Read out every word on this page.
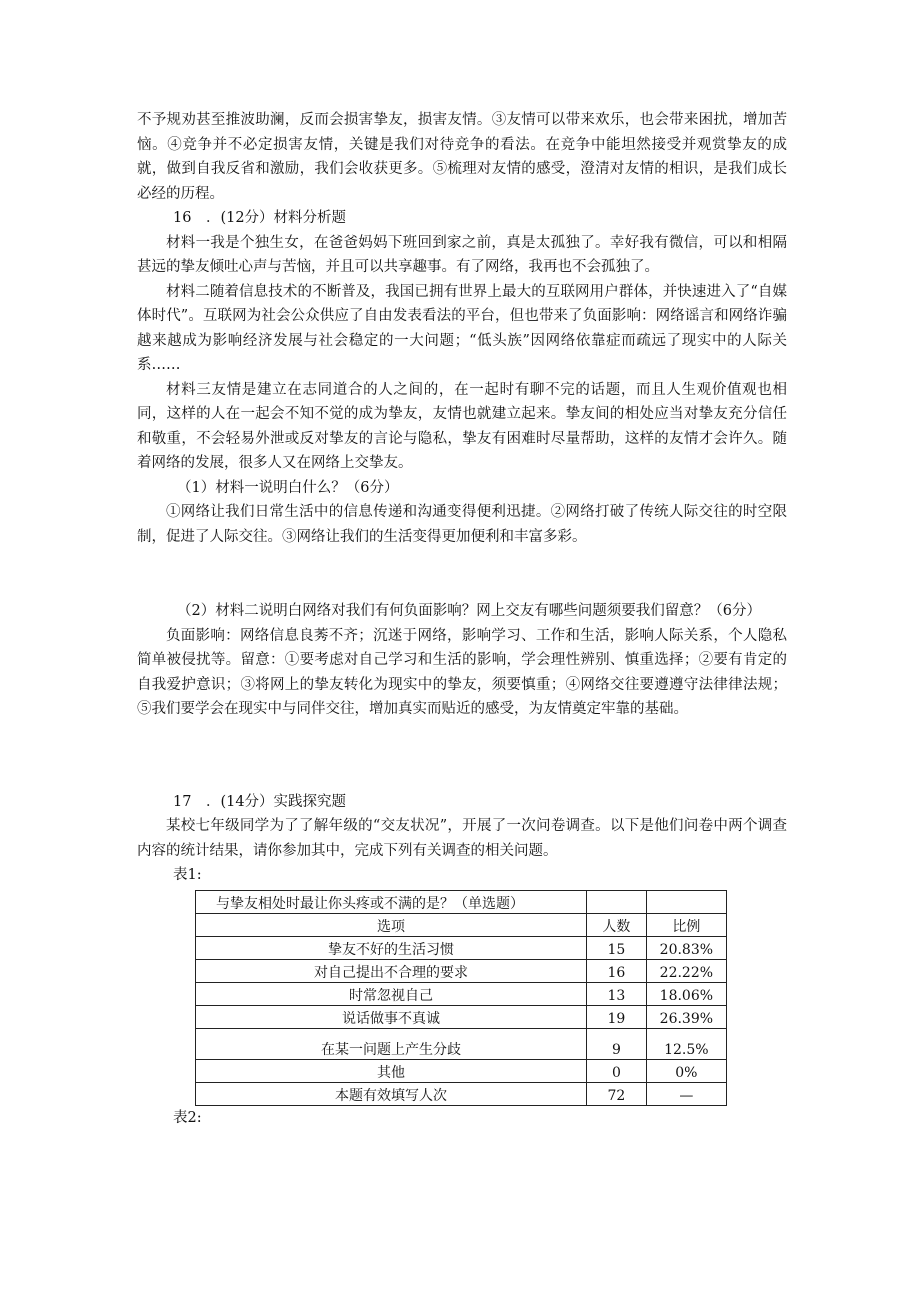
不予规劝甚至推波助澜，反而会损害挚友，损害友情。③友情可以带来欢乐，也会带来困扰，增加苦恼。④竞争并不必定损害友情，关键是我们对待竞争的看法。在竞争中能坦然接受并观赏挚友的成就，做到自我反省和激励，我们会收获更多。⑤梳理对友情的感受，澄清对友情的相识，是我们成长必经的历程。

16　．(12分）材料分析题

材料一我是个独生女，在爸爸妈妈下班回到家之前，真是太孤独了。幸好我有微信，可以和相隔甚远的挚友倾吐心声与苦恼，并且可以共享趣事。有了网络，我再也不会孤独了。

材料二随着信息技术的不断普及，我国已拥有世界上最大的互联网用户群体，并快速进入了“自媒体时代”。互联网为社会公众供应了自由发表看法的平台，但也带来了负面影响：网络谣言和网络诈骗越来越成为影响经济发展与社会稳定的一大问题；“低头族”因网络依靠症而疏远了现实中的人际关系……

材料三友情是建立在志同道合的人之间的，在一起时有聊不完的话题，而且人生观价值观也相同，这样的人在一起会不知不觉的成为挚友，友情也就建立起来。挚友间的相处应当对挚友充分信任和敬重，不会轻易外泄或反对挚友的言论与隐私，挚友有困难时尽量帮助，这样的友情才会许久。随着网络的发展，很多人又在网络上交挚友。

（1）材料一说明白什么？（6分）

①网络让我们日常生活中的信息传递和沟通变得便利迅捷。②网络打破了传统人际交往的时空限制，促进了人际交往。③网络让我们的生活变得更加便利和丰富多彩。

（2）材料二说明白网络对我们有何负面影响？网上交友有哪些问题须要我们留意？（6分）

负面影响：网络信息良莠不齐；沉迷于网络，影响学习、工作和生活，影响人际关系，个人隐私简单被侵扰等。留意：①要考虑对自己学习和生活的影响，学会理性辨别、慎重选择；②要有肯定的自我爱护意识；③将网上的挚友转化为现实中的挚友，须要慎重；④网络交往要遵遵守法律律法规；⑤我们要学会在现实中与同伴交往，增加真实而贴近的感受，为友情奠定牢靠的基础。

17　．(14分）实践探究题

某校七年级同学为了了解年级的“交友状况”，开展了一次问卷调查。以下是他们问卷中两个调查内容的统计结果，请你参加其中，完成下列有关调查的相关问题。

表1:

与挚友相处时最让你头疼或不满的是？（单选题）		
选项	人数	比例
挚友不好的生活习惯	15	20.83%
对自己提出不合理的要求	16	22.22%
时常忽视自己	13	18.06%
说话做事不真诚	19	26.39%
在某一问题上产生分歧	9	12.5%
其他	0	0%
本题有效填写人次	72	—

表2:
